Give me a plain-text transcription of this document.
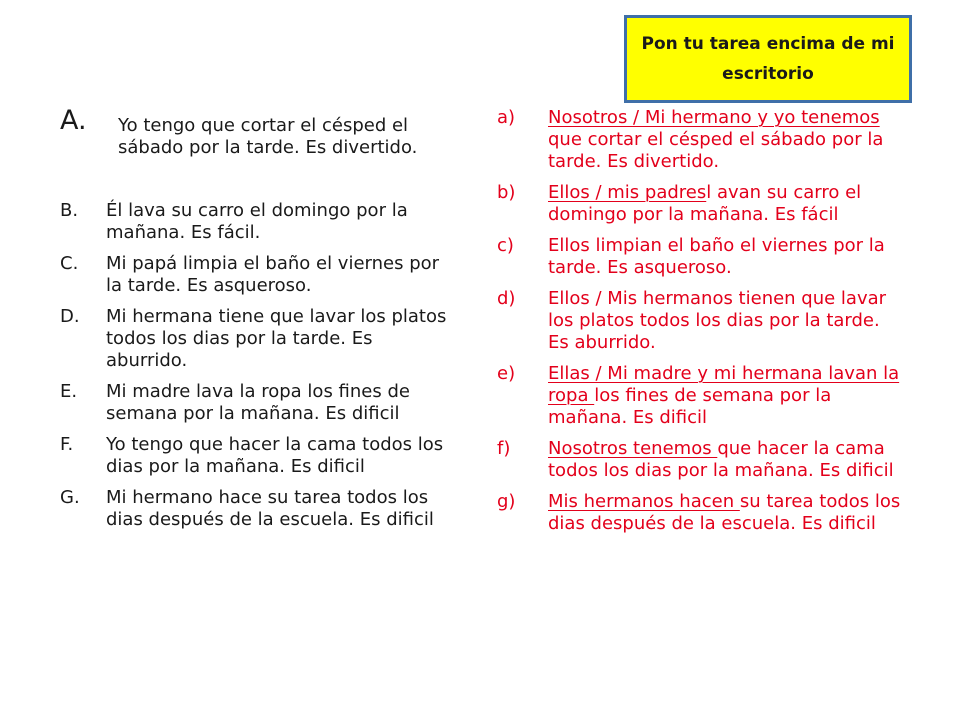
Pon tu tarea encima de mi escritorio
A. Yo tengo que cortar el césped el sábado por la tarde. Es divertido.
B. Él lava su carro el domingo por la mañana. Es fácil.
C. Mi papá limpia el baño el viernes por la tarde. Es asqueroso.
D. Mi hermana tiene que lavar los platos todos los dias por la tarde. Es aburrido.
E. Mi madre lava la ropa los fines de semana por la mañana. Es dificil
F. Yo tengo que hacer la cama todos los dias por la mañana. Es dificil
G. Mi hermano hace su tarea todos los dias después de la escuela. Es dificil
a) Nosotros / Mi hermano y yo tenemos que cortar el césped el sábado por la tarde. Es divertido.
b) Ellos / mis padresl avan su carro el domingo por la mañana. Es fácil
c) Ellos limpian el baño el viernes por la tarde. Es asqueroso.
d) Ellos / Mis hermanos tienen que lavar los platos todos los dias por la tarde. Es aburrido.
e) Ellas / Mi madre y mi hermana lavan la ropa los fines de semana por la mañana. Es dificil
f) Nosotros tenemos que hacer la cama todos los dias por la mañana. Es dificil
g) Mis hermanos hacen su tarea todos los dias después de la escuela. Es dificil
